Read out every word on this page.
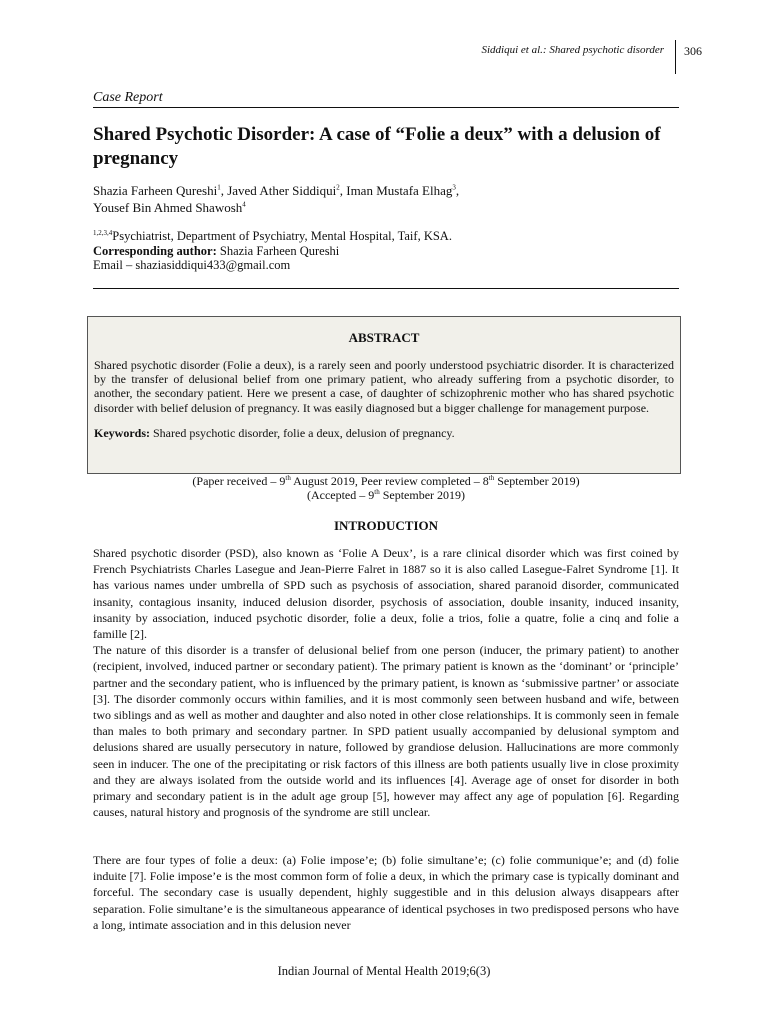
Siddiqui et al.: Shared psychotic disorder 306
Case Report
Shared Psychotic Disorder: A case of “Folie a deux” with a delusion of pregnancy
Shazia Farheen Qureshi$^1$, Javed Ather Siddiqui$^2$, Iman Mustafa Elhag$^3$,
Yousef Bin Ahmed Shawosh$^4$
$^{1,2,3,4}$Psychiatrist, Department of Psychiatry, Mental Hospital, Taif, KSA.
Corresponding author: Shazia Farheen Qureshi
Email – shaziasiddiqui433@gmail.com
ABSTRACT
Shared psychotic disorder (Folie a deux), is a rarely seen and poorly understood psychiatric disorder. It is characterized by the transfer of delusional belief from one primary patient, who already suffering from a psychotic disorder, to another, the secondary patient. Here we present a case, of daughter of schizophrenic mother who has shared psychotic disorder with belief delusion of pregnancy. It was easily diagnosed but a bigger challenge for management purpose.
Keywords: Shared psychotic disorder, folie a deux, delusion of pregnancy.
(Paper received – 9th August 2019, Peer review completed – 8th September 2019)
(Accepted – 9th September 2019)
INTRODUCTION
Shared psychotic disorder (PSD), also known as ‘Folie A Deux’, is a rare clinical disorder which was first coined by French Psychiatrists Charles Lasegue and Jean-Pierre Falret in 1887 so it is also called Lasegue-Falret Syndrome [1]. It has various names under umbrella of SPD such as psychosis of association, shared paranoid disorder, communicated insanity, contagious insanity, induced delusion disorder, psychosis of association, double insanity, induced insanity, insanity by association, induced psychotic disorder, folie a deux, folie a trios, folie a quatre, folie a cinq and folie a famille [2].
The nature of this disorder is a transfer of delusional belief from one person (inducer, the primary patient) to another (recipient, involved, induced partner or secondary patient). The primary patient is known as the ‘dominant’ or ‘principle’ partner and the secondary patient, who is influenced by the primary patient, is known as ‘submissive partner’ or associate [3]. The disorder commonly occurs within families, and it is most commonly seen between husband and wife, between two siblings and as well as mother and daughter and also noted in other close relationships. It is commonly seen in female than males to both primary and secondary partner. In SPD patient usually accompanied by delusional symptom and delusions shared are usually persecutory in nature, followed by grandiose delusion. Hallucinations are more commonly seen in inducer. The one of the precipitating or risk factors of this illness are both patients usually live in close proximity and they are always isolated from the outside world and its influences [4]. Average age of onset for disorder in both primary and secondary patient is in the adult age group [5], however may affect any age of population [6]. Regarding causes, natural history and prognosis of the syndrome are still unclear.

There are four types of folie a deux: (a) Folie impose’e; (b) folie simultane’e; (c) folie communique’e; and (d) folie induite [7]. Folie impose’e is the most common form of folie a deux, in which the primary case is typically dominant and forceful. The secondary case is usually dependent, highly suggestible and in this delusion always disappears after separation. Folie simultane’e is the simultaneous appearance of identical psychoses in two predisposed persons who have a long, intimate association and in this delusion never

Indian Journal of Mental Health 2019;6(3)
